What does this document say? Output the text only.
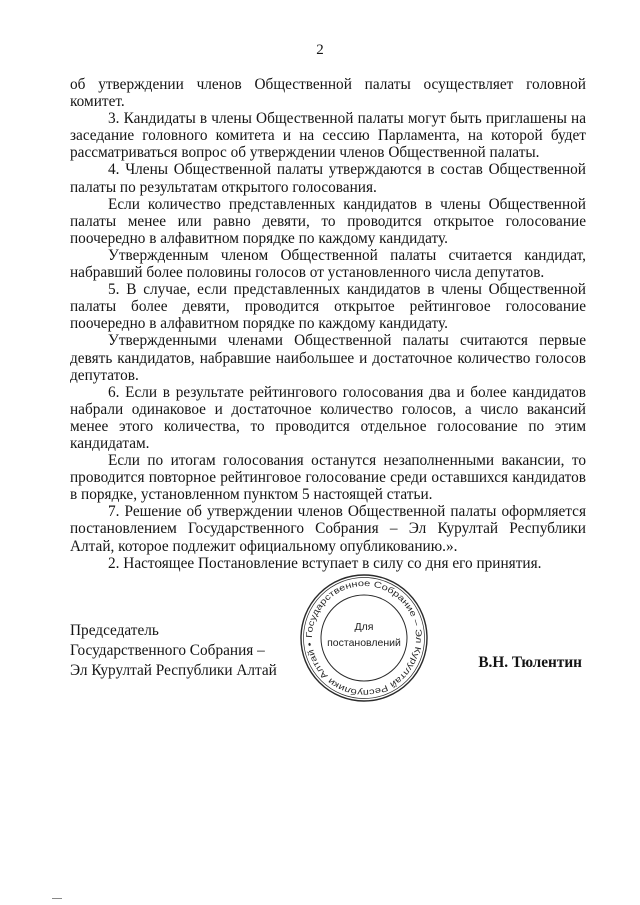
2

об утверждении членов Общественной палаты осуществляет головной комитет.

3. Кандидаты в члены Общественной палаты могут быть приглашены на заседание головного комитета и на сессию Парламента, на которой будет рассматриваться вопрос об утверждении членов Общественной палаты.

4. Члены Общественной палаты утверждаются в состав Общественной палаты по результатам открытого голосования.

Если количество представленных кандидатов в члены Общественной палаты менее или равно девяти, то проводится открытое голосование поочередно в алфавитном порядке по каждому кандидату.

Утвержденным членом Общественной палаты считается кандидат, набравший более половины голосов от установленного числа депутатов.

5. В случае, если представленных кандидатов в члены Общественной палаты более девяти, проводится открытое рейтинговое голосование поочередно в алфавитном порядке по каждому кандидату.

Утвержденными членами Общественной палаты считаются первые девять кандидатов, набравшие наибольшее и достаточное количество голосов депутатов.

6. Если в результате рейтингового голосования два и более кандидатов набрали одинаковое и достаточное количество голосов, а число вакансий менее этого количества, то проводится отдельное голосование по этим кандидатам.

Если по итогам голосования останутся незаполненными вакансии, то проводится повторное рейтинговое голосование среди оставшихся кандидатов в порядке, установленном пунктом 5 настоящей статьи.

7. Решение об утверждении членов Общественной палаты оформляется постановлением Государственного Собрания – Эл Курултай Республики Алтай, которое подлежит официальному опубликованию.».

2. Настоящее Постановление вступает в силу со дня его принятия.

Председатель
Государственного Собрания –
Эл Курултай Республики Алтай	В.Н. Тюлентин
Государственное Собрание – Эл Курултай Республики Алтай •
Для
постановлений
